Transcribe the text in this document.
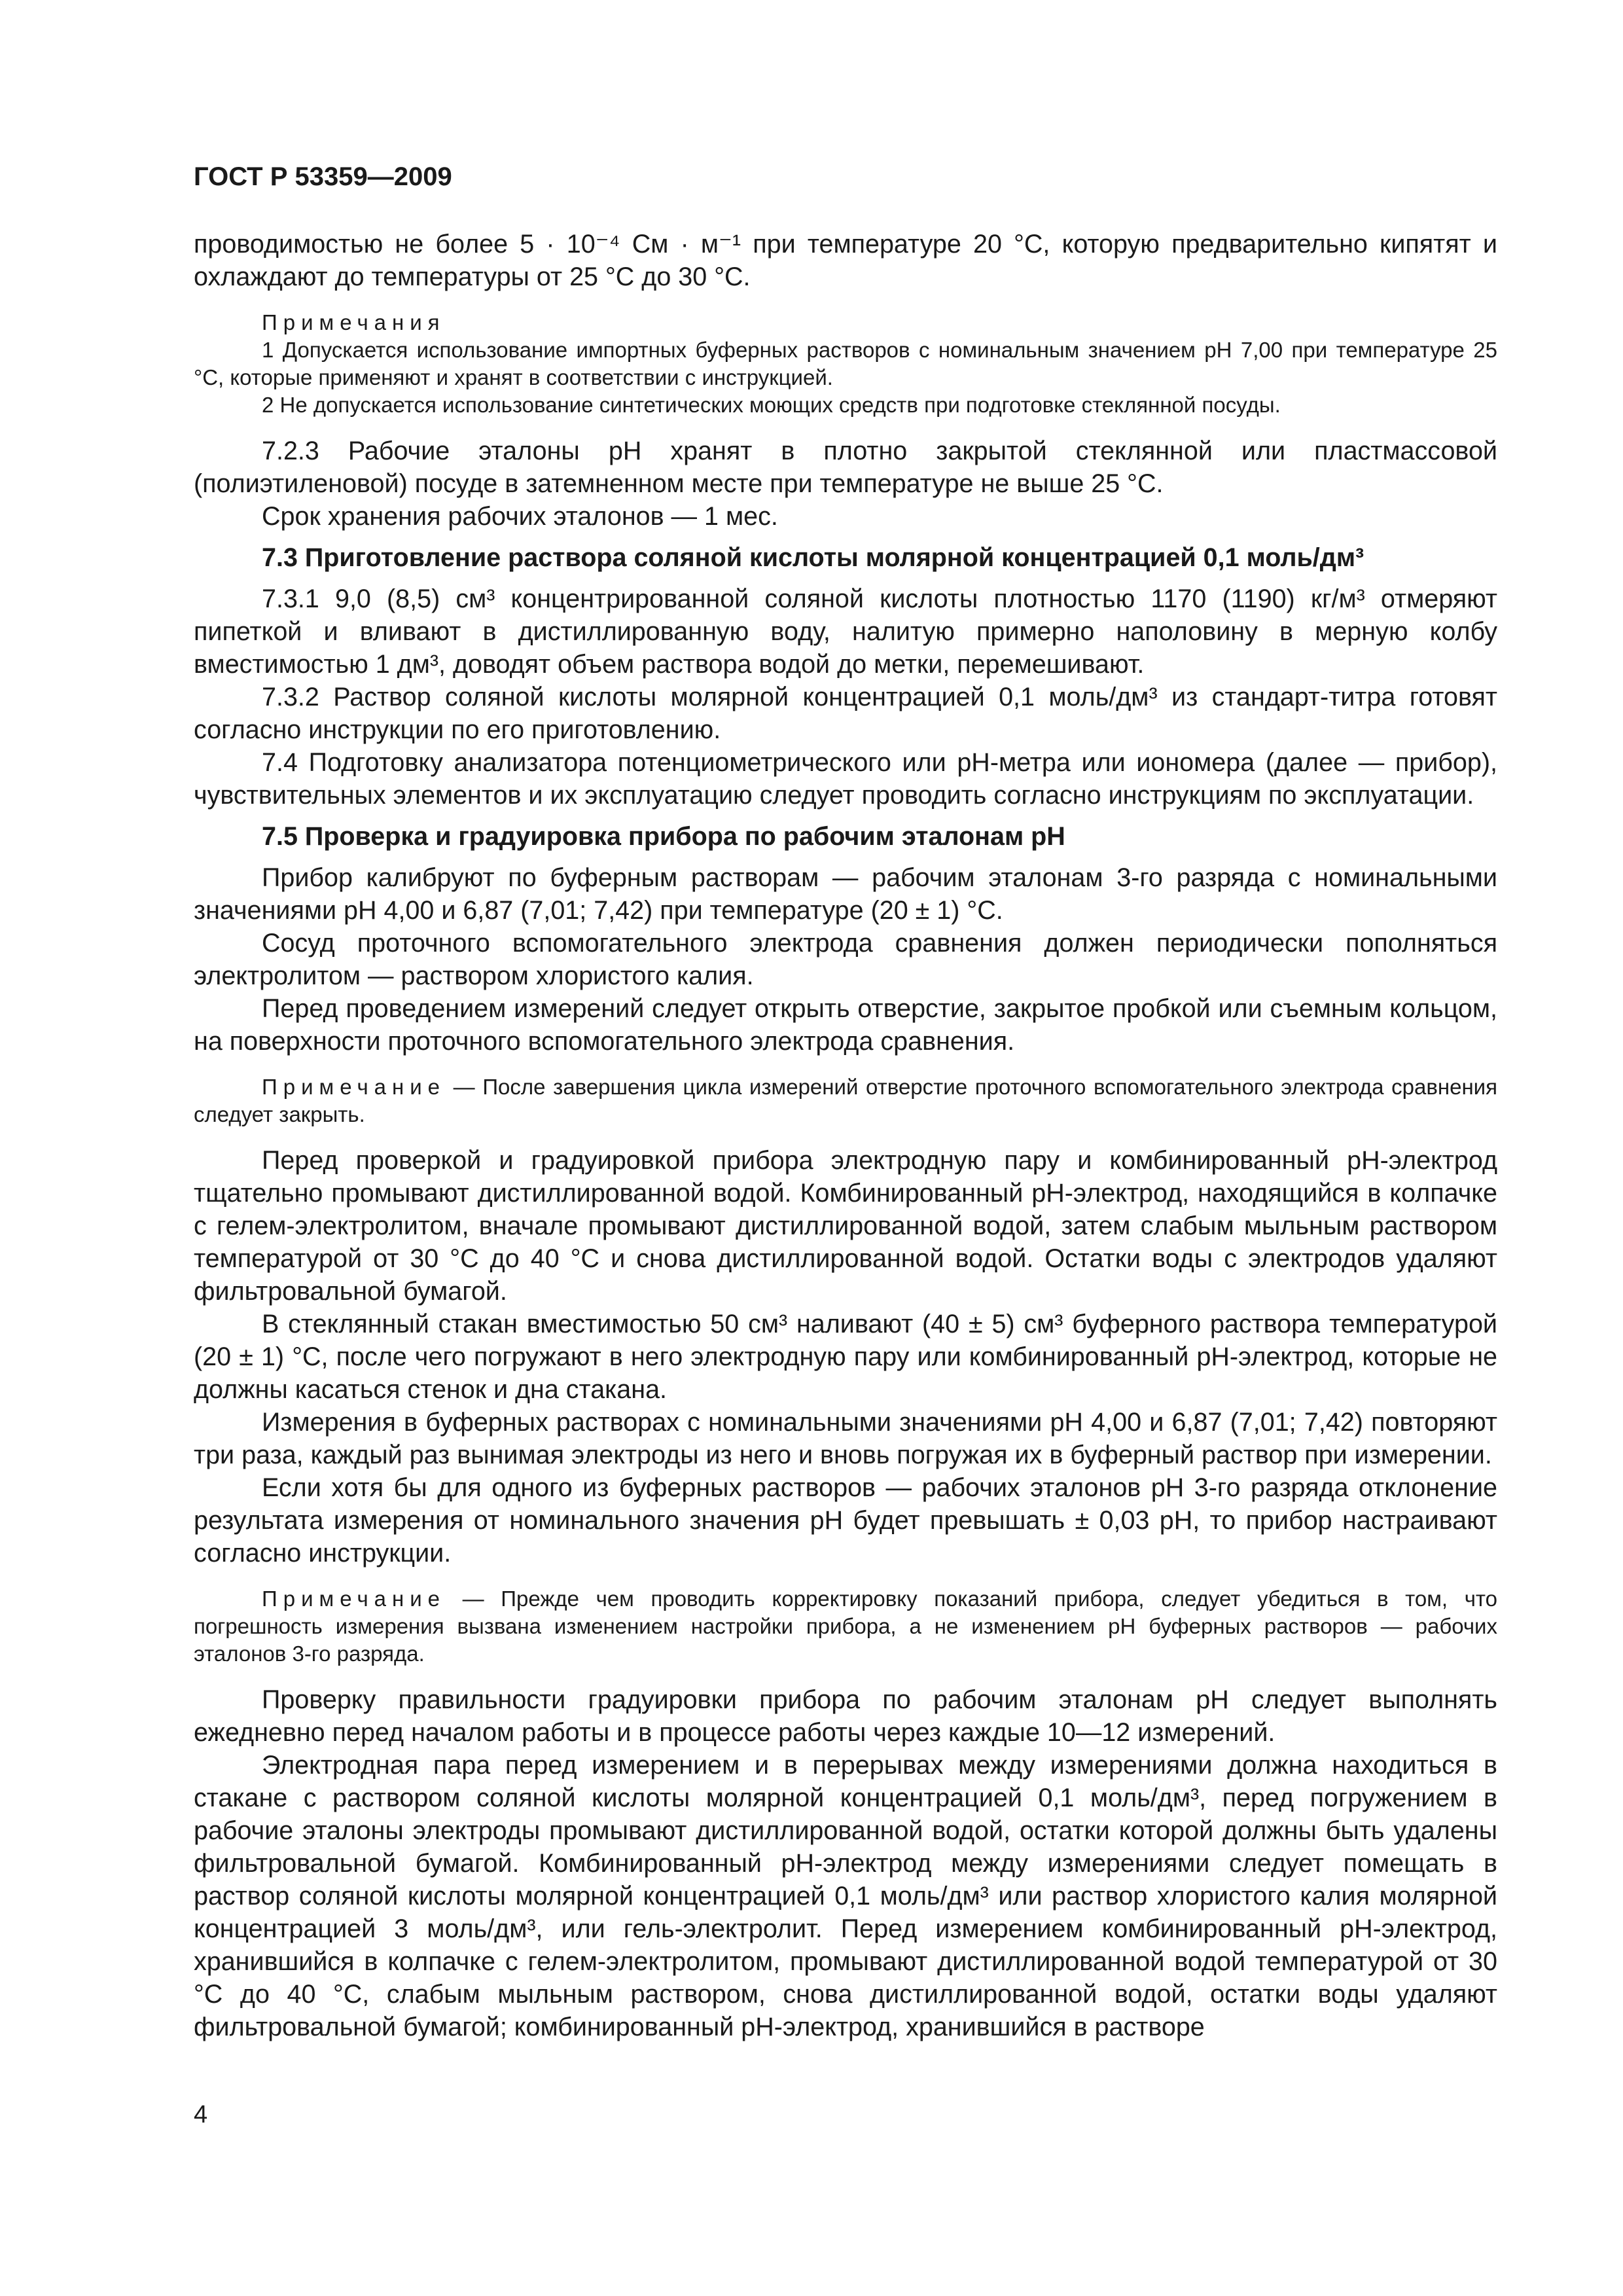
ГОСТ Р 53359—2009

проводимостью не более 5 · 10⁻⁴ См · м⁻¹ при температуре 20 °С, которую предварительно кипятят и охлаждают до температуры от 25 °С до 30 °С.

Примечания

1 Допускается использование импортных буферных растворов с номинальным значением pH 7,00 при температуре 25 °С, которые применяют и хранят в соответствии с инструкцией.

2 Не допускается использование синтетических моющих средств при подготовке стеклянной посуды.

7.2.3 Рабочие эталоны pH хранят в плотно закрытой стеклянной или пластмассовой (полиэтиленовой) посуде в затемненном месте при температуре не выше 25 °С.

Срок хранения рабочих эталонов — 1 мес.

7.3 Приготовление раствора соляной кислоты молярной концентрацией 0,1 моль/дм³

7.3.1 9,0 (8,5) см³ концентрированной соляной кислоты плотностью 1170 (1190) кг/м³ отмеряют пипеткой и вливают в дистиллированную воду, налитую примерно наполовину в мерную колбу вместимостью 1 дм³, доводят объем раствора водой до метки, перемешивают.

7.3.2 Раствор соляной кислоты молярной концентрацией 0,1 моль/дм³ из стандарт-титра готовят согласно инструкции по его приготовлению.

7.4 Подготовку анализатора потенциометрического или pH-метра или иономера (далее — прибор), чувствительных элементов и их эксплуатацию следует проводить согласно инструкциям по эксплуатации.

7.5 Проверка и градуировка прибора по рабочим эталонам pH

Прибор калибруют по буферным растворам — рабочим эталонам 3-го разряда с номинальными значениями pH 4,00 и 6,87 (7,01; 7,42) при температуре (20 ± 1) °С.

Сосуд проточного вспомогательного электрода сравнения должен периодически пополняться электролитом — раствором хлористого калия.

Перед проведением измерений следует открыть отверстие, закрытое пробкой или съемным кольцом, на поверхности проточного вспомогательного электрода сравнения.

Примечание — После завершения цикла измерений отверстие проточного вспомогательного электрода сравнения следует закрыть.

Перед проверкой и градуировкой прибора электродную пару и комбинированный pH-электрод тщательно промывают дистиллированной водой. Комбинированный pH-электрод, находящийся в колпачке с гелем-электролитом, вначале промывают дистиллированной водой, затем слабым мыльным раствором температурой от 30 °С до 40 °С и снова дистиллированной водой. Остатки воды с электродов удаляют фильтровальной бумагой.

В стеклянный стакан вместимостью 50 см³ наливают (40 ± 5) см³ буферного раствора температурой (20 ± 1) °С, после чего погружают в него электродную пару или комбинированный pH-электрод, которые не должны касаться стенок и дна стакана.

Измерения в буферных растворах с номинальными значениями pH 4,00 и 6,87 (7,01; 7,42) повторяют три раза, каждый раз вынимая электроды из него и вновь погружая их в буферный раствор при измерении.

Если хотя бы для одного из буферных растворов — рабочих эталонов pH 3-го разряда отклонение результата измерения от номинального значения pH будет превышать ± 0,03 pH, то прибор настраивают согласно инструкции.

Примечание — Прежде чем проводить корректировку показаний прибора, следует убедиться в том, что погрешность измерения вызвана изменением настройки прибора, а не изменением pH буферных растворов — рабочих эталонов 3-го разряда.

Проверку правильности градуировки прибора по рабочим эталонам pH следует выполнять ежедневно перед началом работы и в процессе работы через каждые 10—12 измерений.

Электродная пара перед измерением и в перерывах между измерениями должна находиться в стакане с раствором соляной кислоты молярной концентрацией 0,1 моль/дм³, перед погружением в рабочие эталоны электроды промывают дистиллированной водой, остатки которой должны быть удалены фильтровальной бумагой. Комбинированный pH-электрод между измерениями следует помещать в раствор соляной кислоты молярной концентрацией 0,1 моль/дм³ или раствор хлористого калия молярной концентрацией 3 моль/дм³, или гель-электролит. Перед измерением комбинированный pH-электрод, хранившийся в колпачке с гелем-электролитом, промывают дистиллированной водой температурой от 30 °С до 40 °С, слабым мыльным раствором, снова дистиллированной водой, остатки воды удаляют фильтровальной бумагой; комбинированный pH-электрод, хранившийся в растворе

4
